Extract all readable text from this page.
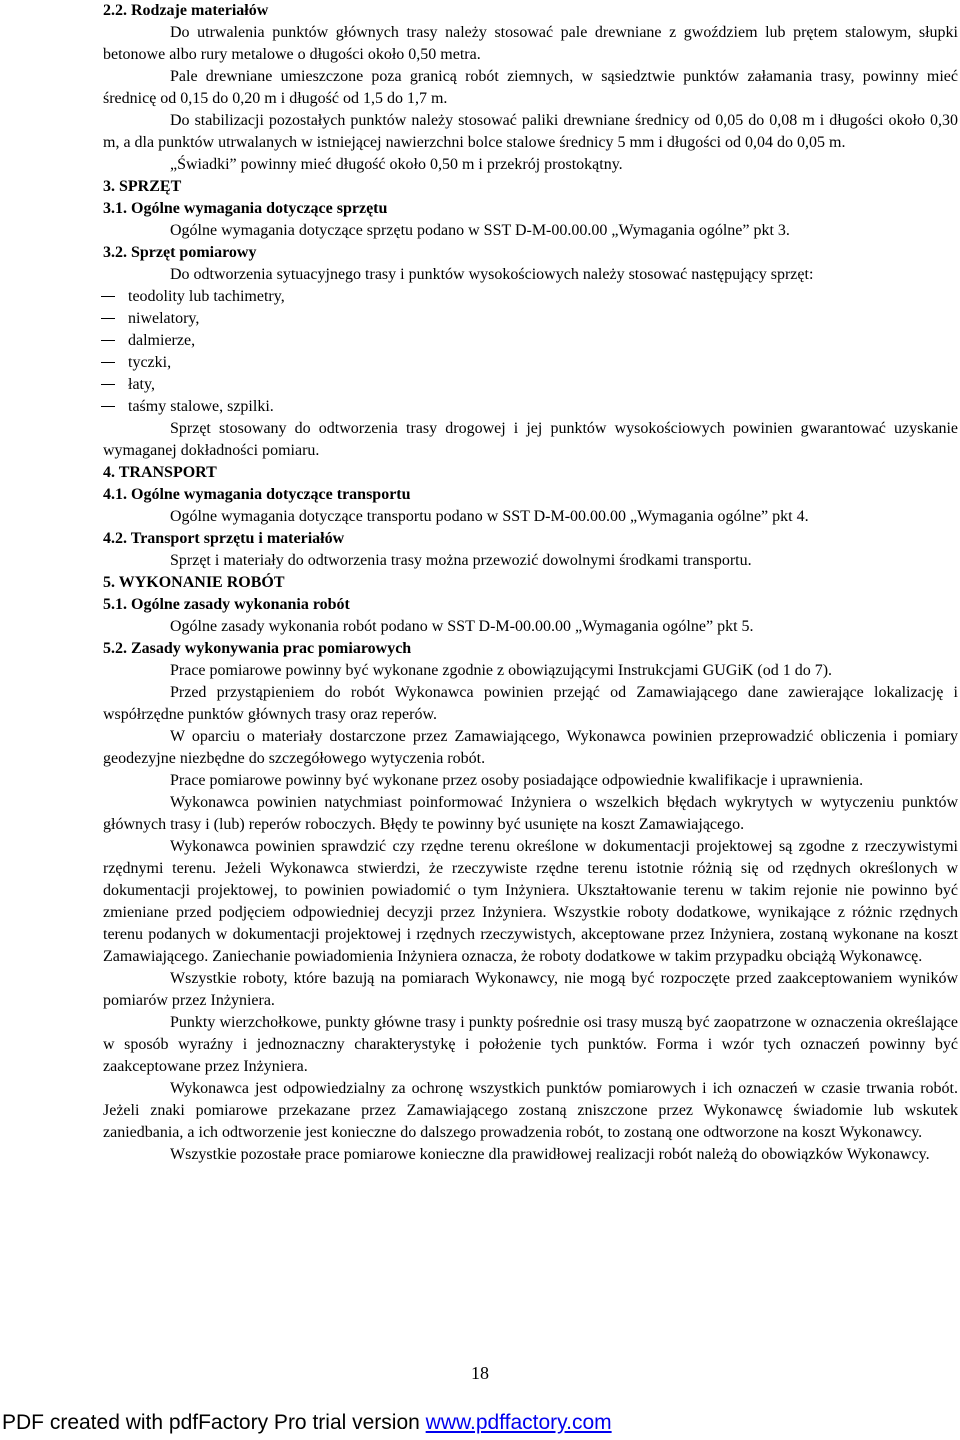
2.2. Rodzaje materiałów

Do utrwalenia punktów głównych trasy należy stosować pale drewniane z gwoździem lub prętem stalowym, słupki betonowe albo rury metalowe o długości około 0,50 metra.

Pale drewniane umieszczone poza granicą robót ziemnych, w sąsiedztwie punktów załamania trasy, powinny mieć średnicę od 0,15 do 0,20 m i długość od 1,5 do 1,7 m.

Do stabilizacji pozostałych punktów należy stosować paliki drewniane średnicy od 0,05 do 0,08 m i długości około 0,30 m, a dla punktów utrwalanych w istniejącej nawierzchni bolce stalowe średnicy 5 mm i długości od 0,04 do 0,05 m.

„Świadki” powinny mieć długość około 0,50 m i przekrój prostokątny.

3. SPRZĘT

3.1. Ogólne wymagania dotyczące sprzętu

Ogólne wymagania dotyczące sprzętu podano w SST D-M-00.00.00 „Wymagania ogólne” pkt 3.

3.2. Sprzęt pomiarowy

Do odtworzenia sytuacyjnego trasy i punktów wysokościowych należy stosować następujący sprzęt:

teodolity lub tachimetry,
niwelatory,
dalmierze,
tyczki,
łaty,
taśmy stalowe, szpilki.

Sprzęt stosowany do odtworzenia trasy drogowej i jej punktów wysokościowych powinien gwarantować uzyskanie wymaganej dokładności pomiaru.

4. TRANSPORT

4.1. Ogólne wymagania dotyczące transportu

Ogólne wymagania dotyczące transportu podano w SST D-M-00.00.00 „Wymagania ogólne” pkt 4.

4.2. Transport sprzętu i materiałów

Sprzęt i materiały do odtworzenia trasy można przewozić dowolnymi środkami transportu.

5. WYKONANIE ROBÓT

5.1. Ogólne zasady wykonania robót

Ogólne zasady wykonania robót podano w SST D-M-00.00.00 „Wymagania ogólne” pkt 5.

5.2. Zasady wykonywania prac pomiarowych

Prace pomiarowe powinny być wykonane zgodnie z obowiązującymi Instrukcjami GUGiK (od 1 do 7).

Przed przystąpieniem do robót Wykonawca powinien przejąć od Zamawiającego dane zawierające lokalizację i współrzędne punktów głównych trasy oraz reperów.

W oparciu o materiały dostarczone przez Zamawiającego, Wykonawca powinien przeprowadzić obliczenia i pomiary geodezyjne niezbędne do szczegółowego wytyczenia robót.

Prace pomiarowe powinny być wykonane przez osoby posiadające odpowiednie kwalifikacje i uprawnienia.

Wykonawca powinien natychmiast poinformować Inżyniera o wszelkich błędach wykrytych w wytyczeniu punktów głównych trasy i (lub) reperów roboczych. Błędy te powinny być usunięte na koszt Zamawiającego.

Wykonawca powinien sprawdzić czy rzędne terenu określone w dokumentacji projektowej są zgodne z rzeczywistymi rzędnymi terenu. Jeżeli Wykonawca stwierdzi, że rzeczywiste rzędne terenu istotnie różnią się od rzędnych określonych w dokumentacji projektowej, to powinien powiadomić o tym Inżyniera. Ukształtowanie terenu w takim rejonie nie powinno być zmieniane przed podjęciem odpowiedniej decyzji przez Inżyniera. Wszystkie roboty dodatkowe, wynikające z różnic rzędnych terenu podanych w dokumentacji projektowej i rzędnych rzeczywistych, akceptowane przez Inżyniera, zostaną wykonane na koszt Zamawiającego. Zaniechanie powiadomienia Inżyniera oznacza, że roboty dodatkowe w takim przypadku obciążą Wykonawcę.

Wszystkie roboty, które bazują na pomiarach Wykonawcy, nie mogą być rozpoczęte przed zaakceptowaniem wyników pomiarów przez Inżyniera.

Punkty wierzchołkowe, punkty główne trasy i punkty pośrednie osi trasy muszą być zaopatrzone w oznaczenia określające w sposób wyraźny i jednoznaczny charakterystykę i położenie tych punktów. Forma i wzór tych oznaczeń powinny być zaakceptowane przez Inżyniera.

Wykonawca jest odpowiedzialny za ochronę wszystkich punktów pomiarowych i ich oznaczeń w czasie trwania robót. Jeżeli znaki pomiarowe przekazane przez Zamawiającego zostaną zniszczone przez Wykonawcę świadomie lub wskutek zaniedbania, a ich odtworzenie jest konieczne do dalszego prowadzenia robót, to zostaną one odtworzone na koszt Wykonawcy.

Wszystkie pozostałe prace pomiarowe konieczne dla prawidłowej realizacji robót należą do obowiązków Wykonawcy.

18
PDF created with pdfFactory Pro trial version www.pdffactory.com
